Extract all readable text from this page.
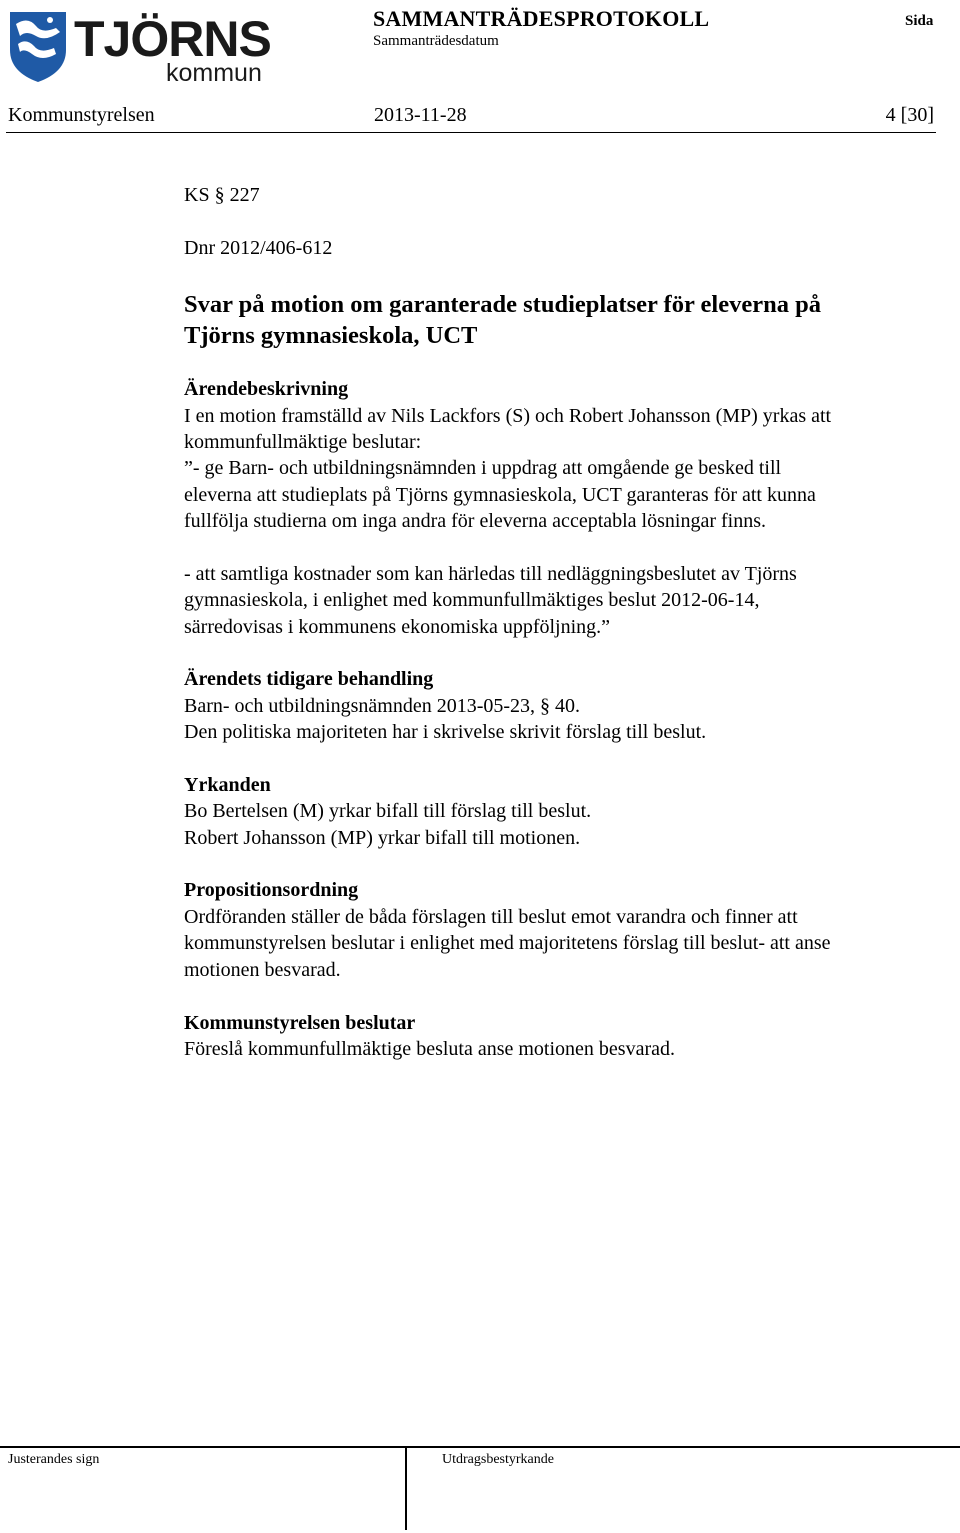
TJÖRNS
kommun
SAMMANTRÄDESPROTOKOLL
Sammanträdesdatum
Sida
Kommunstyrelsen	2013-11-28	4 [30]
KS § 227
Dnr 2012/406-612
Svar på motion om garanterade studieplatser för eleverna på
Tjörns gymnasieskola, UCT
Ärendebeskrivning
I en motion framställd av Nils Lackfors (S) och Robert Johansson (MP) yrkas att
kommunfullmäktige beslutar:
”- ge Barn- och utbildningsnämnden i uppdrag att omgående ge besked till
eleverna att studieplats på Tjörns gymnasieskola, UCT garanteras för att kunna
fullfölja studierna om inga andra för eleverna acceptabla lösningar finns.
- att samtliga kostnader som kan härledas till nedläggningsbeslutet av Tjörns
gymnasieskola, i enlighet med kommunfullmäktiges beslut 2012-06-14,
särredovisas i kommunens ekonomiska uppföljning.”
Ärendets tidigare behandling
Barn- och utbildningsnämnden 2013-05-23, § 40.
Den politiska majoriteten har i skrivelse skrivit förslag till beslut.
Yrkanden
Bo Bertelsen (M) yrkar bifall till förslag till beslut.
Robert Johansson (MP) yrkar bifall till motionen.
Propositionsordning
Ordföranden ställer de båda förslagen till beslut emot varandra och finner att
kommunstyrelsen beslutar i enlighet med majoritetens förslag till beslut- att anse
motionen besvarad.
Kommunstyrelsen beslutar
Föreslå kommunfullmäktige besluta anse motionen besvarad.
Justerandes sign	Utdragsbestyrkande
